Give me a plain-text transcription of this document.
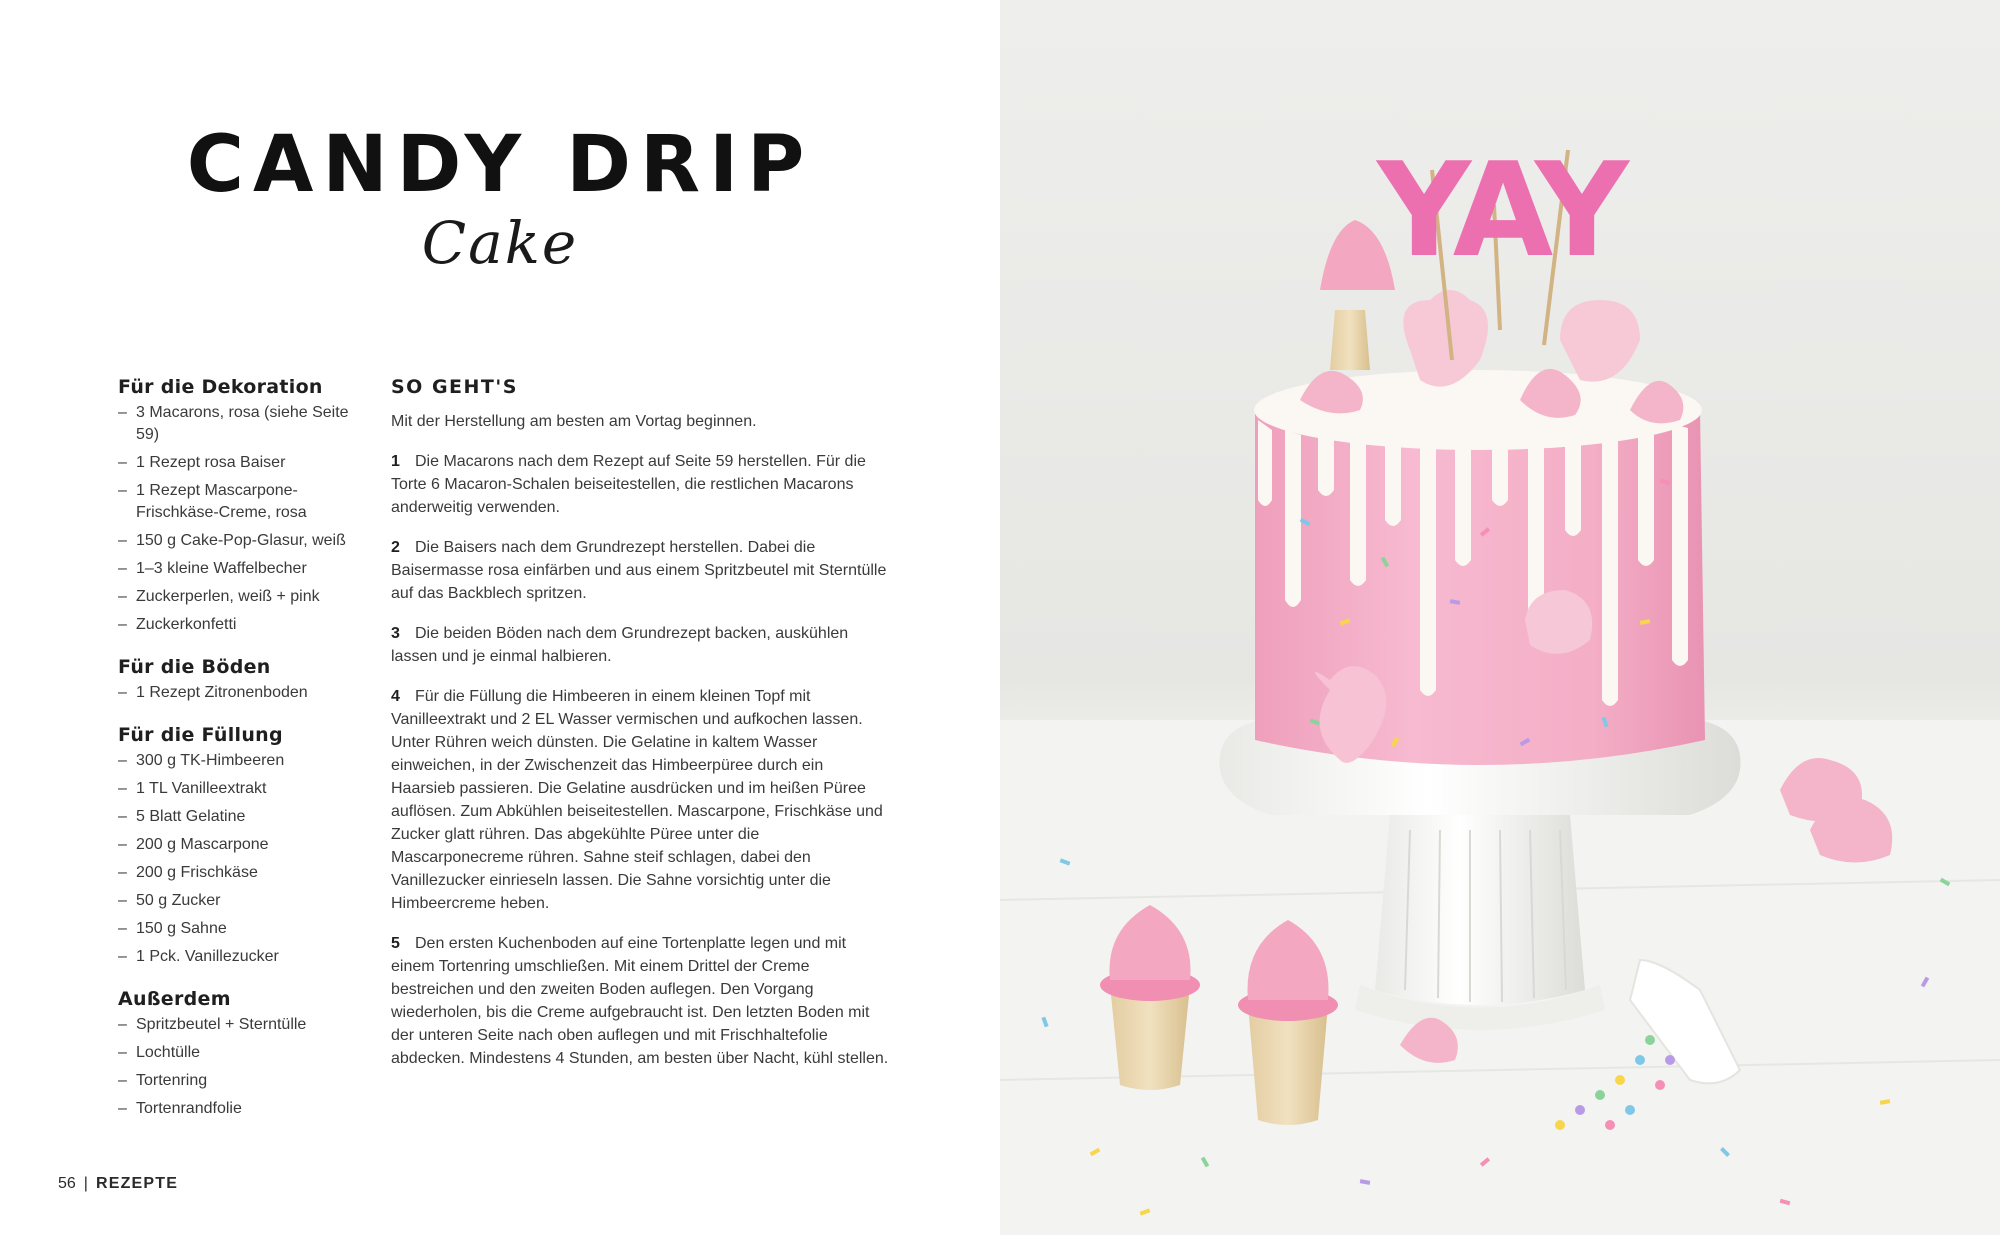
CANDY DRIP
Cake
Für die Dekoration
– 3 Macarons, rosa (siehe Seite 59)
– 1 Rezept rosa Baiser
– 1 Rezept Mascarpone-Frischkäse-Creme, rosa
– 150 g Cake-Pop-Glasur, weiß
– 1–3 kleine Waffelbecher
– Zuckerperlen, weiß + pink
– Zuckerkonfetti
Für die Böden
– 1 Rezept Zitronenboden
Für die Füllung
– 300 g TK-Himbeeren
– 1 TL Vanilleextrakt
– 5 Blatt Gelatine
– 200 g Mascarpone
– 200 g Frischkäse
– 50 g Zucker
– 150 g Sahne
– 1 Pck. Vanillezucker
Außerdem
– Spritzbeutel + Sterntülle
– Lochtülle
– Tortenring
– Tortenrandfolie
SO GEHT'S

Mit der Herstellung am besten am Vortag beginnen.

1 Die Macarons nach dem Rezept auf Seite 59 herstellen. Für die Torte 6 Macaron-Schalen beiseitestellen, die restlichen Macarons anderweitig verwenden.

2 Die Baisers nach dem Grundrezept herstellen. Dabei die Baisermasse rosa einfärben und aus einem Spritzbeutel mit Sterntülle auf das Backblech spritzen.

3 Die beiden Böden nach dem Grundrezept backen, auskühlen lassen und je einmal halbieren.

4 Für die Füllung die Himbeeren in einem kleinen Topf mit Vanilleextrakt und 2 EL Wasser vermischen und aufkochen lassen. Unter Rühren weich dünsten. Die Gelatine in kaltem Wasser einweichen, in der Zwischenzeit das Himbeerpüree durch ein Haarsieb passieren. Die Gelatine ausdrücken und im heißen Püree auflösen. Zum Abkühlen beiseitestellen. Mascarpone, Frischkäse und Zucker glatt rühren. Das abgekühlte Püree unter die Mascarponecreme rühren. Sahne steif schlagen, dabei den Vanillezucker einrieseln lassen. Die Sahne vorsichtig unter die Himbeercreme heben.

5 Den ersten Kuchenboden auf eine Tortenplatte legen und mit einem Tortenring umschließen. Mit einem Drittel der Creme bestreichen und den zweiten Boden auflegen. Den Vorgang wiederholen, bis die Creme aufgebraucht ist. Den letzten Boden mit der unteren Seite nach oben auflegen und mit Frischhaltefolie abdecken. Mindestens 4 Stunden, am besten über Nacht, kühl stellen.

56 | REZEPTE
YAY
